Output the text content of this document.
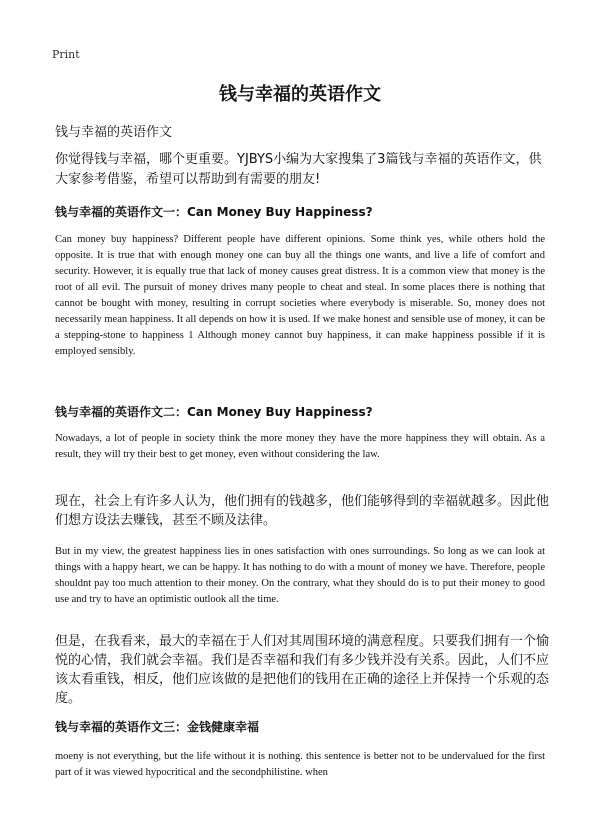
Print
钱与幸福的英语作文
钱与幸福的英语作文
你觉得钱与幸福，哪个更重要。YJBYS小编为大家搜集了3篇钱与幸福的英语作文，供大家参考借鉴，希望可以帮助到有需要的朋友!
钱与幸福的英语作文一：Can Money Buy Happiness?
Can money buy happiness? Different people have different opinions. Some think yes, while others hold the opposite. It is true that with enough money one can buy all the things one wants, and live a life of comfort and security. However, it is equally true that lack of money causes great distress. It is a common view that money is the root of all evil. The pursuit of money drives many people to cheat and steal. In some places there is nothing that cannot be bought with money, resulting in corrupt societies where everybody is miserable. So, money does not necessarily mean happiness. It all depends on how it is used. If we make honest and sensible use of money, it can be a stepping-stone to happiness 1 Although money cannot buy happiness, it can make happiness possible if it is employed sensibly.
钱与幸福的英语作文二：Can Money Buy Happiness?
Nowadays, a lot of people in society think the more money they have the more happiness they will obtain. As a result, they will try their best to get money, even without considering the law.
现在，社会上有许多人认为，他们拥有的钱越多，他们能够得到的幸福就越多。因此他们想方设法去赚钱，甚至不顾及法律。
But in my view, the greatest happiness lies in ones satisfaction with ones surroundings. So long as we can look at things with a happy heart, we can be happy. It has nothing to do with a mount of money we have. Therefore, people shouldnt pay too much attention to their money. On the contrary, what they should do is to put their money to good use and try to have an optimistic outlook all the time.
但是，在我看来，最大的幸福在于人们对其周围环境的满意程度。只要我们拥有一个愉悦的心情，我们就会幸福。我们是否幸福和我们有多少钱并没有关系。因此，人们不应该太看重钱，相反，他们应该做的是把他们的钱用在正确的途径上并保持一个乐观的态度。
钱与幸福的英语作文三：金钱健康幸福
moeny is not everything, but the life without it is nothing. this sentence is better not to be undervalued for the first part of it was viewed hypocritical and the secondphilistine. when
